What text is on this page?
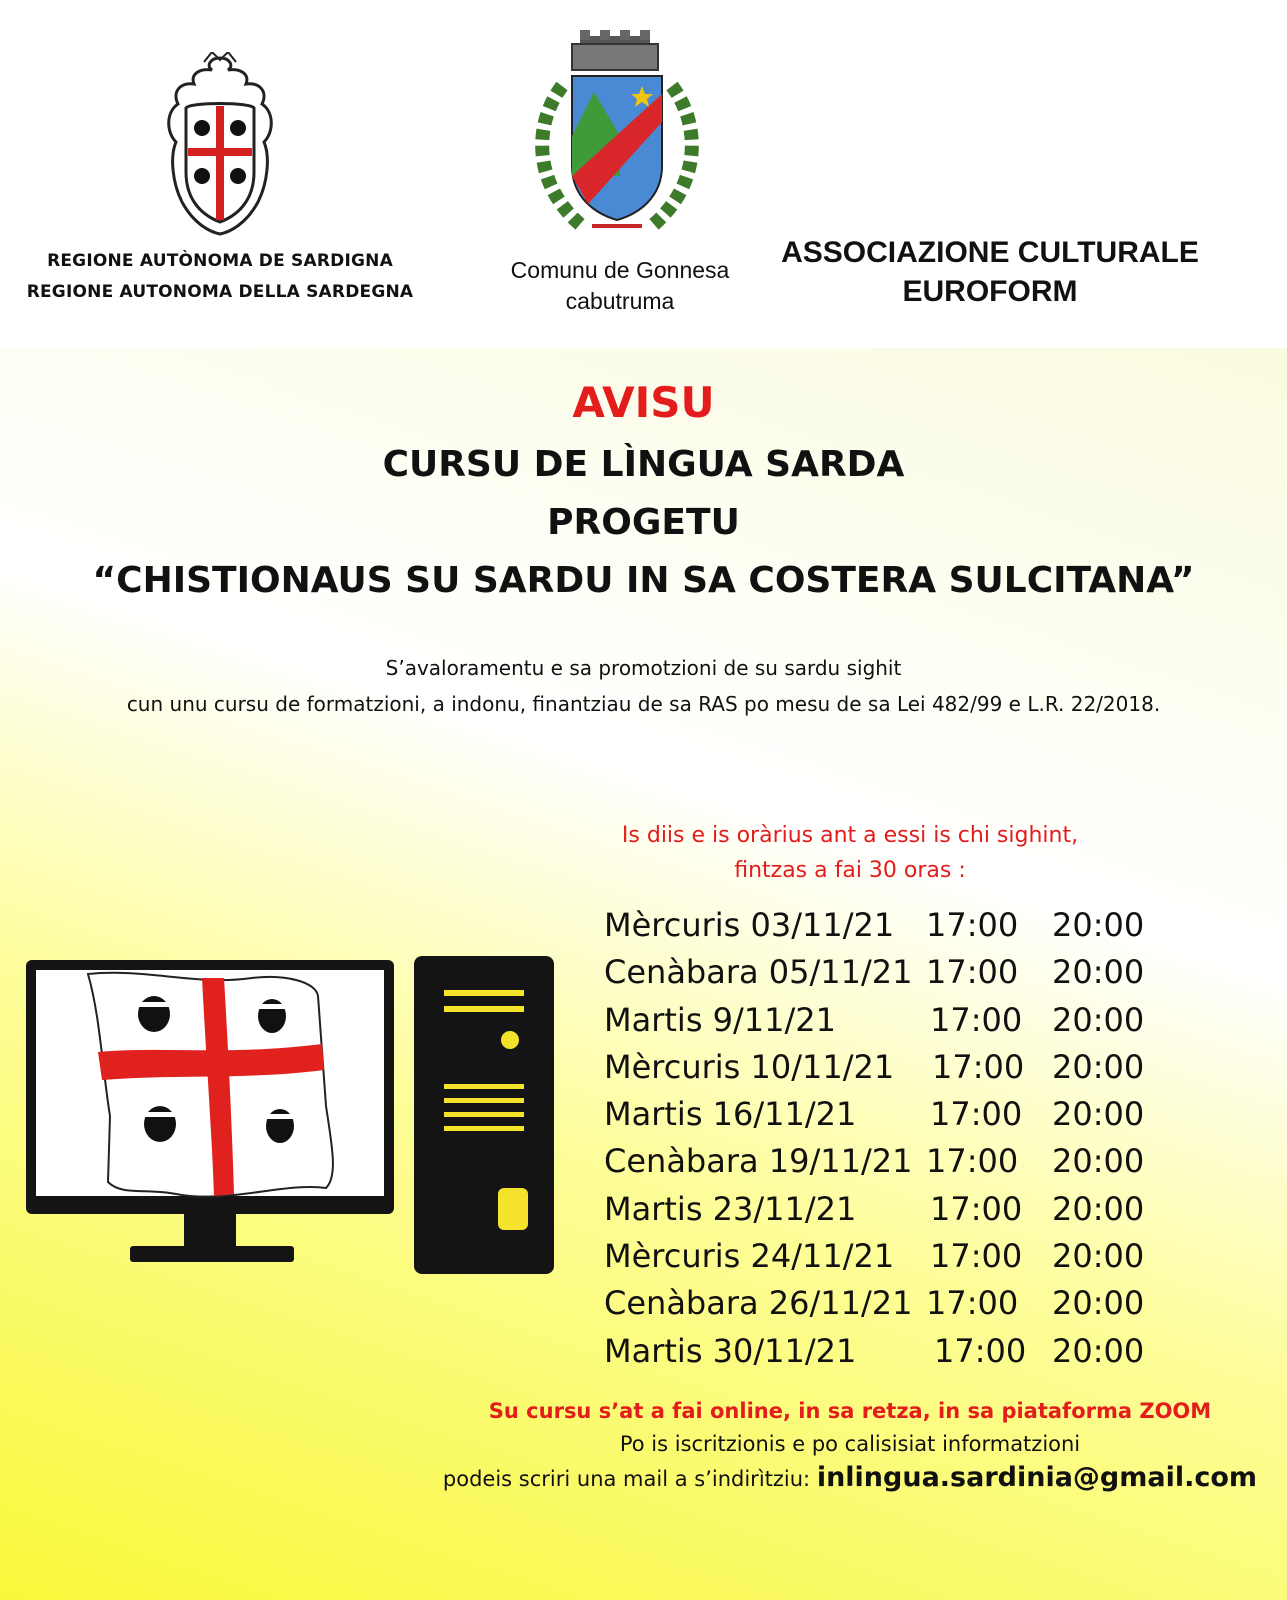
REGIONE AUTÒNOMA DE SARDIGNA
REGIONE AUTONOMA DELLA SARDEGNA
Comunu de Gonnesa
cabutruma
ASSOCIAZIONE CULTURALE
EUROFORM
AVISU
CURSU DE LÌNGUA SARDA
PROGETU
“CHISTIONAUS SU SARDU IN SA COSTERA SULCITANA”
S’avaloramentu e sa promotzioni de su sardu sighit
cun unu cursu de formatzioni, a indonu, finantziau de sa RAS po mesu de sa Lei 482/99 e L.R. 22/2018.
Is diis e is oràrius ant a essi is chi sighint,
fintzas a fai 30 oras :
Mèrcuris 03/11/21 17:00 20:00
Cenàbara 05/11/21 17:00 20:00
Martis 9/11/21	17:00 20:00
Mèrcuris 10/11/21 17:00 20:00
Martis 16/11/21 17:00 20:00
Cenàbara 19/11/21 17:00 20:00
Martis 23/11/21 17:00 20:00
Mèrcuris 24/11/21 17:00 20:00
Cenàbara 26/11/21 17:00 20:00
Martis 30/11/21 17:00 20:00
Su cursu s’at a fai online, in sa retza, in sa piataforma ZOOM
Po is iscritzionis e po calisisiat informatzioni
podeis scriri una mail a s’indirìtziu: inlingua.sardinia@gmail.com
